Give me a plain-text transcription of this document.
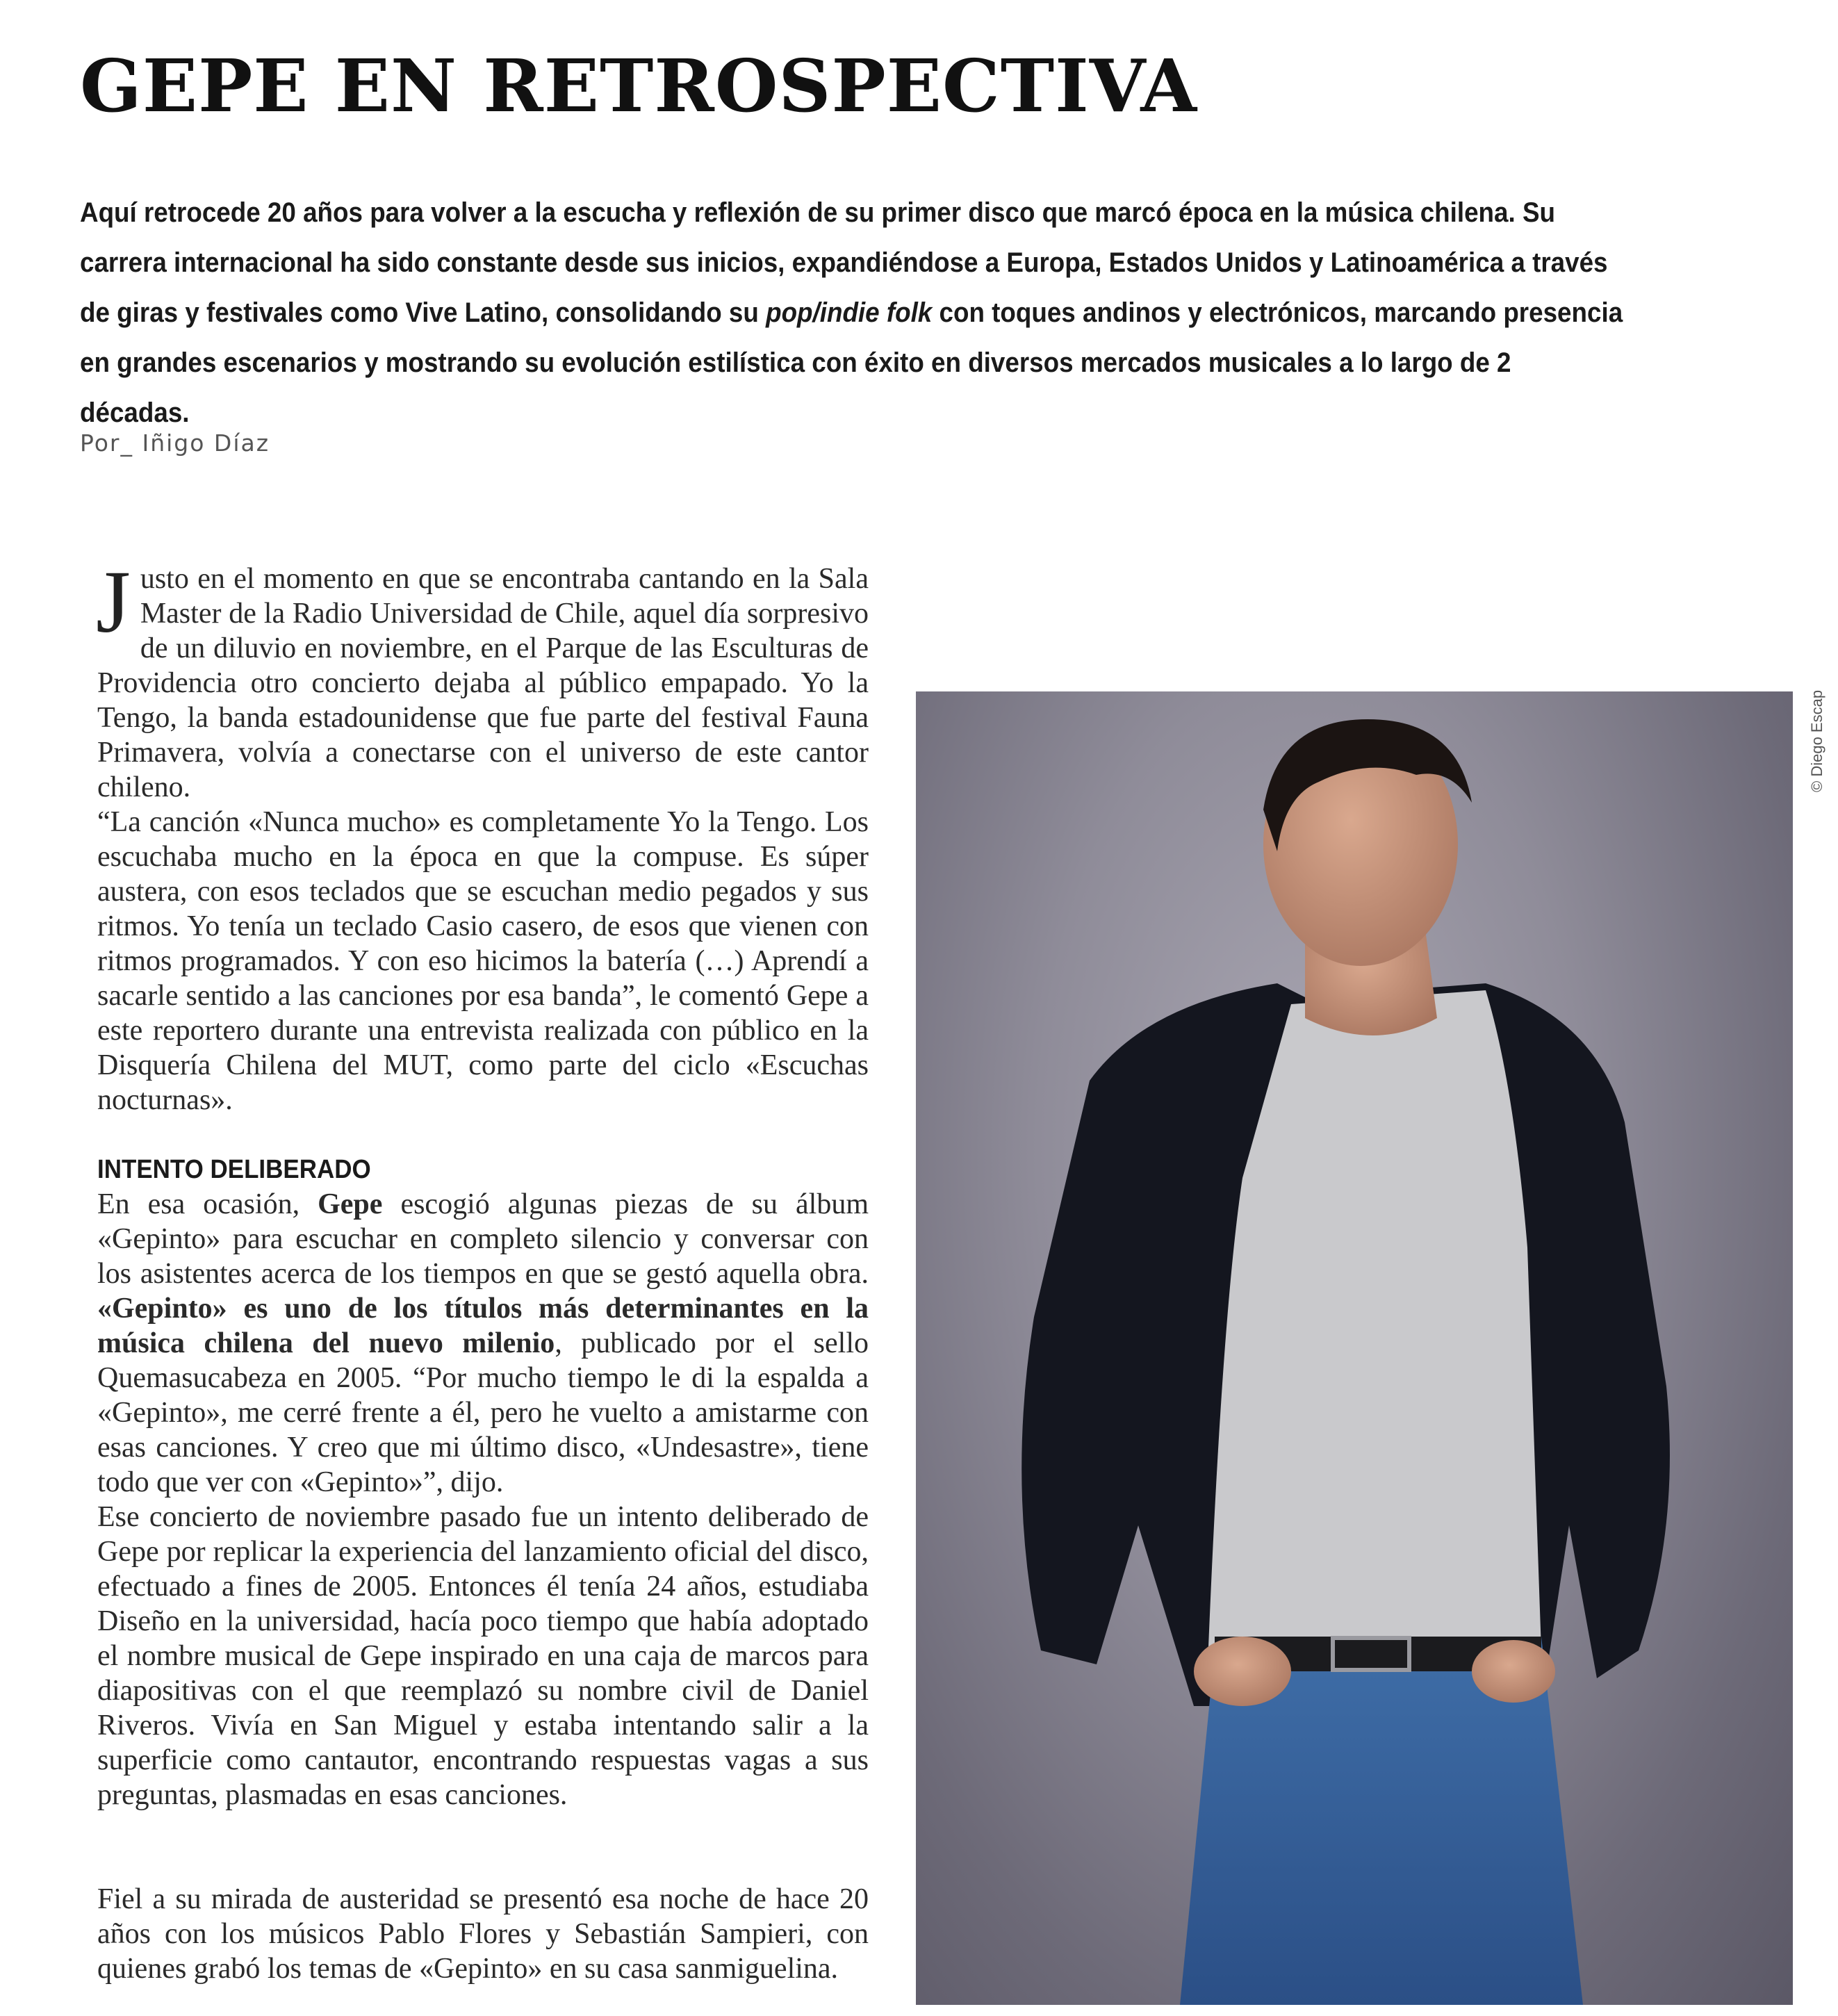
GEPE EN RETROSPECTIVA

Aquí retrocede 20 años para volver a la escucha y reflexión de su primer disco que marcó época en la música chilena. Su carrera internacional ha sido constante desde sus inicios, expandiéndose a Europa, Estados Unidos y Latinoamérica a través de giras y festivales como Vive Latino, consolidando su pop/indie folk con toques andinos y electrónicos, marcando presencia en grandes escenarios y mostrando su evolución estilística con éxito en diversos mercados musicales a lo largo de 2 décadas.

Por_ Iñigo Díaz

Justo en el momento en que se encontraba cantando en la Sala Master de la Radio Universidad de Chile, aquel día sorpresivo de un diluvio en noviembre, en el Parque de las Esculturas de Providencia otro concierto dejaba al público empapado. Yo la Tengo, la banda estadounidense que fue parte del festival Fauna Primavera, volvía a conectarse con el universo de este cantor chileno.

“La canción «Nunca mucho» es completamente Yo la Tengo. Los escuchaba mucho en la época en que la compuse. Es súper austera, con esos teclados que se escuchan medio pegados y sus ritmos. Yo tenía un teclado Casio casero, de esos que vienen con ritmos programados. Y con eso hicimos la batería (…) Aprendí a sacarle sentido a las canciones por esa banda”, le comentó Gepe a este reportero durante una entrevista realizada con público en la Disquería Chilena del MUT, como parte del ciclo «Escuchas nocturnas».

INTENTO DELIBERADO

En esa ocasión, Gepe escogió algunas piezas de su álbum «Gepinto» para escuchar en completo silencio y conversar con los asistentes acerca de los tiempos en que se gestó aquella obra. «Gepinto» es uno de los títulos más determinantes en la música chilena del nuevo milenio, publicado por el sello Quemasucabeza en 2005. “Por mucho tiempo le di la espalda a «Gepinto», me cerré frente a él, pero he vuelto a amistarme con esas canciones. Y creo que mi último disco, «Undesastre», tiene todo que ver con «Gepinto»”, dijo.

Ese concierto de noviembre pasado fue un intento deliberado de Gepe por replicar la experiencia del lanzamiento oficial del disco, efectuado a fines de 2005. Entonces él tenía 24 años, estudiaba Diseño en la universidad, hacía poco tiempo que había adoptado el nombre musical de Gepe inspirado en una caja de marcos para diapositivas con el que reemplazó su nombre civil de Daniel Riveros. Vivía en San Miguel y estaba intentando salir a la superficie como cantautor, encontrando respuestas vagas a sus preguntas, plasmadas en esas canciones.

Fiel a su mirada de austeridad se presentó esa noche de hace 20 años con los músicos Pablo Flores y Sebastián Sampieri, con quienes grabó los temas de «Gepinto» en su casa sanmiguelina.

© Diego Escap
